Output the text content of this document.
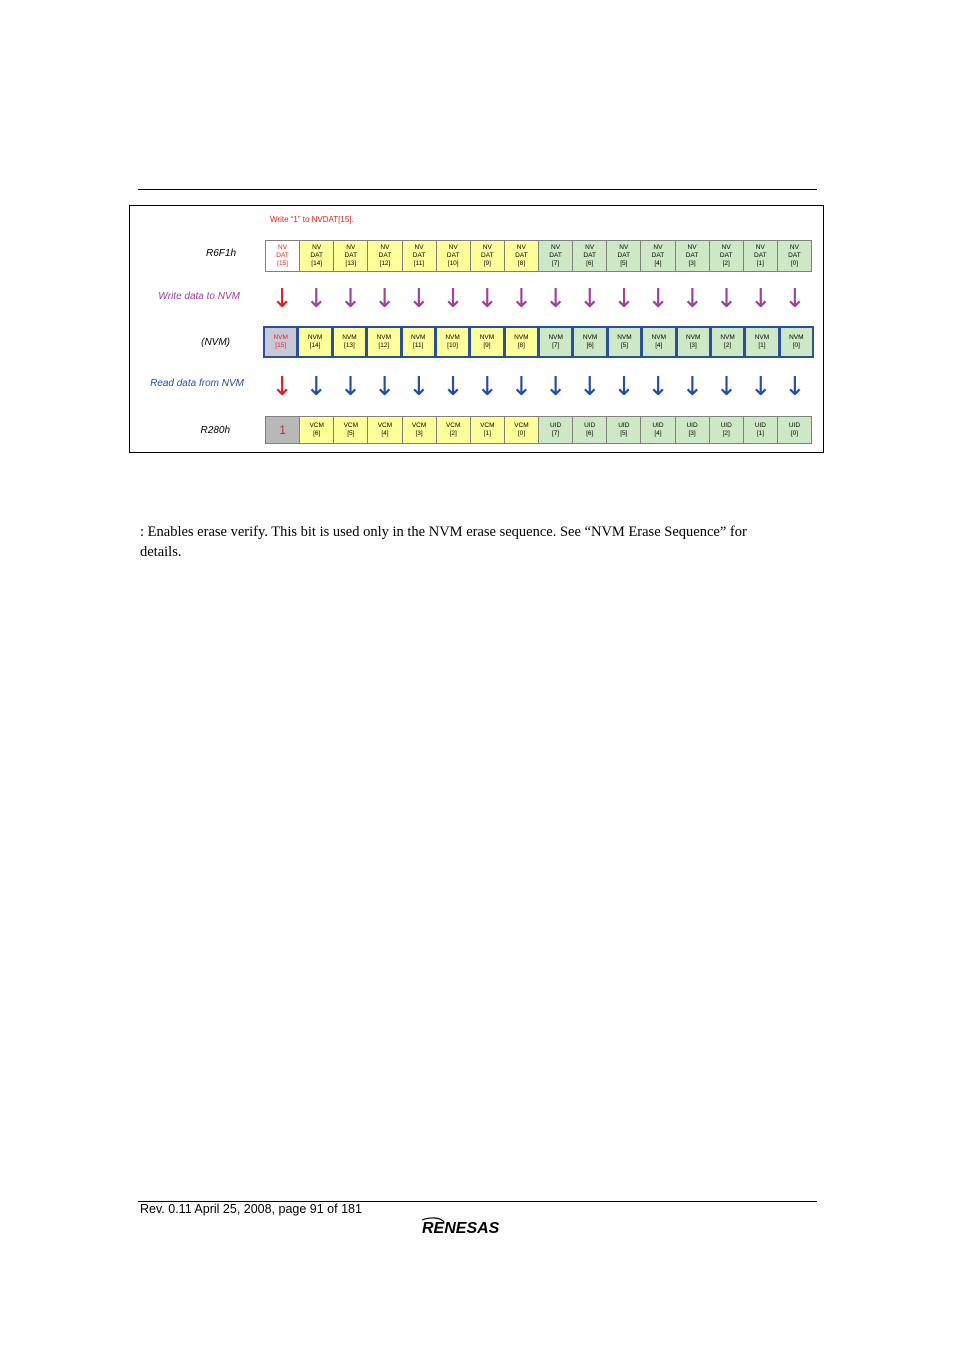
Write “1” to NVDAT[15].
R6F1h
Write data to NVM
(NVM)
Read data from NVM
R280h
NV
DAT
[15]
NV
DAT
[14]
NV
DAT
[13]
NV
DAT
[12]
NV
DAT
[11]
NV
DAT
[10]
NV
DAT
[9]
NV
DAT
[8]
NV
DAT
[7]
NV
DAT
[6]
NV
DAT
[5]
NV
DAT
[4]
NV
DAT
[3]
NV
DAT
[2]
NV
DAT
[1]
NV
DAT
[0]
↓ ↓ ↓ ↓ ↓ ↓ ↓ ↓ ↓ ↓ ↓ ↓ ↓ ↓ ↓ ↓
NVM
[15]
NVM
[14]
NVM
[13]
NVM
[12]
NVM
[11]
NVM
[10]
NVM
[9]
NVM
[8]
NVM
[7]
NVM
[6]
NVM
[5]
NVM
[4]
NVM
[3]
NVM
[2]
NVM
[1]
NVM
[0]
↓ ↓ ↓ ↓ ↓ ↓ ↓ ↓ ↓ ↓ ↓ ↓ ↓ ↓ ↓ ↓
1	VCM
[6]
VCM
[5]
VCM
[4]
VCM
[3]
VCM
[2]
VCM
[1]
VCM
[0]
UID
[7]
UID
[6]
UID
[5]
UID
[4]
UID
[3]
UID
[2]
UID
[1]
UID
[0]
: Enables erase verify. This bit is used only in the NVM erase sequence. See “NVM Erase Sequence” for details.
Rev. 0.11 April 25, 2008, page 91 of 181
RENESAS
